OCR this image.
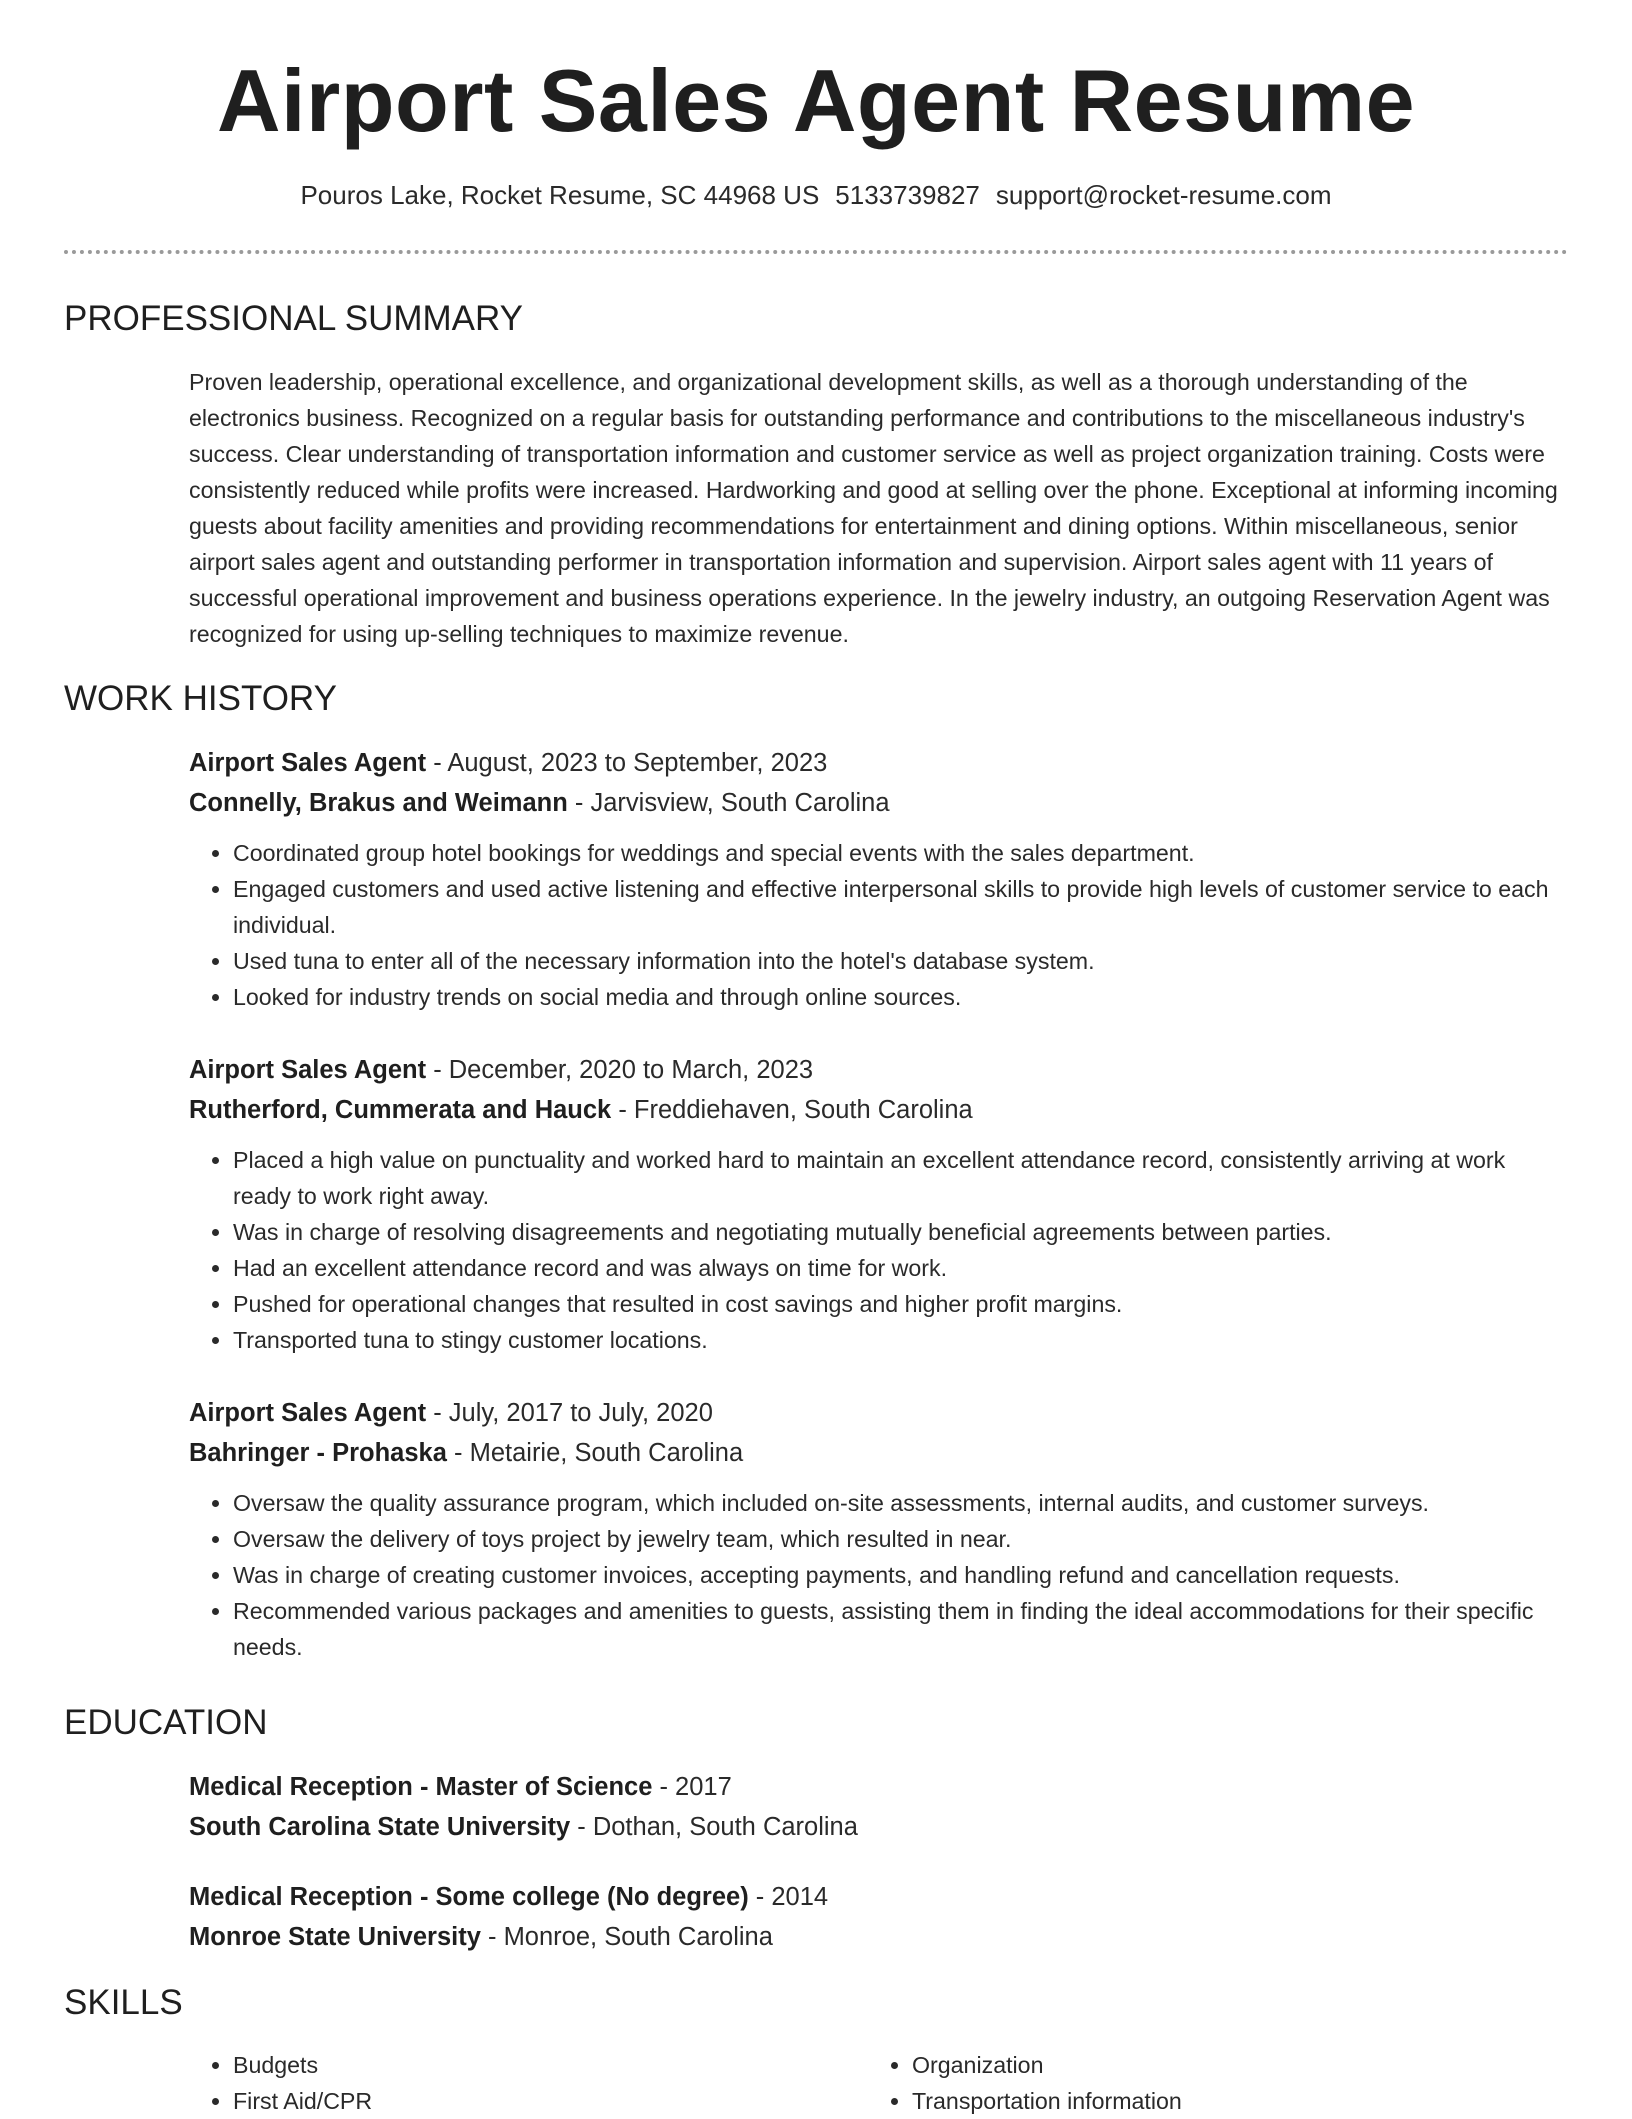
Airport Sales Agent Resume
Pouros Lake, Rocket Resume, SC 44968 US 5133739827 support@rocket-resume.com
PROFESSIONAL SUMMARY

Proven leadership, operational excellence, and organizational development skills, as well as a thorough understanding of the electronics business. Recognized on a regular basis for outstanding performance and contributions to the miscellaneous industry's success. Clear understanding of transportation information and customer service as well as project organization training. Costs were consistently reduced while profits were increased. Hardworking and good at selling over the phone. Exceptional at informing incoming guests about facility amenities and providing recommendations for entertainment and dining options. Within miscellaneous, senior airport sales agent and outstanding performer in transportation information and supervision. Airport sales agent with 11 years of successful operational improvement and business operations experience. In the jewelry industry, an outgoing Reservation Agent was recognized for using up-selling techniques to maximize revenue.

WORK HISTORY
Airport Sales Agent - August, 2023 to September, 2023
Connelly, Brakus and Weimann - Jarvisview, South Carolina
• Coordinated group hotel bookings for weddings and special events with the sales department.
• Engaged customers and used active listening and effective interpersonal skills to provide high levels of customer service to each individual.
• Used tuna to enter all of the necessary information into the hotel's database system.
• Looked for industry trends on social media and through online sources.
Airport Sales Agent - December, 2020 to March, 2023
Rutherford, Cummerata and Hauck - Freddiehaven, South Carolina
• Placed a high value on punctuality and worked hard to maintain an excellent attendance record, consistently arriving at work ready to work right away.
• Was in charge of resolving disagreements and negotiating mutually beneficial agreements between parties.
• Had an excellent attendance record and was always on time for work.
• Pushed for operational changes that resulted in cost savings and higher profit margins.
• Transported tuna to stingy customer locations.
Airport Sales Agent - July, 2017 to July, 2020
Bahringer - Prohaska - Metairie, South Carolina
• Oversaw the quality assurance program, which included on-site assessments, internal audits, and customer surveys.
• Oversaw the delivery of toys project by jewelry team, which resulted in near.
• Was in charge of creating customer invoices, accepting payments, and handling refund and cancellation requests.
• Recommended various packages and amenities to guests, assisting them in finding the ideal accommodations for their specific needs.
EDUCATION
Medical Reception - Master of Science - 2017
South Carolina State University - Dothan, South Carolina
Medical Reception - Some college (No degree) - 2014
Monroe State University - Monroe, South Carolina
SKILLS
• Budgets
• First Aid/CPR
• Organization
• Transportation information
